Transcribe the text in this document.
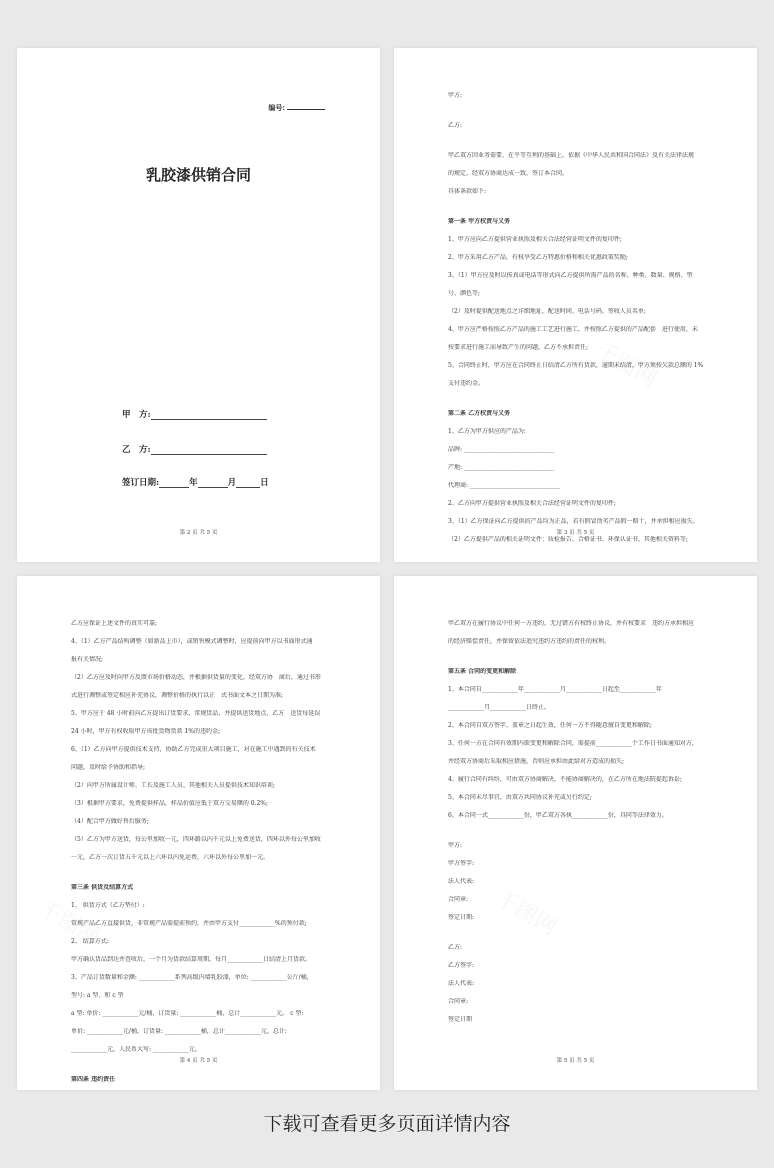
编号:
乳胶漆供销合同
甲　方:
乙　方:
签订日期:	年	月	日
第 2 页 共 5 页
甲方:
乙方:
甲乙双方因业务需要，在平等互利的基础上，依据《中华人民共和国合同法》及有关法律法规
的规定，经双方协商达成一致，签订本合同。
具体条款如下:
第一条 甲方权责与义务
1、甲方应向乙方提供营业执照及相关合法经营证明文件的复印件;
2、甲方采用乙方产品，有权享受乙方特惠价格和相关优惠政策奖励;
3、（1）甲方应及时以传真或电话等形式向乙方提供所需产品的名称、种类、数量、规格、型
号、颜色等;
（2）及时提供配送地点之详细地址、配送时间、电话号码、签收人员名单;
4、甲方应严格按照乙方产品的施工工艺进行施工，并按照乙方提供的产品配套　进行使用，未
按要求进行施工而导致产生的问题，乙方不承担责任;
5、合同终止时，甲方应在合同终止日结清乙方所有货款，逾期未结清，甲方须按欠款总额的 1%
支付违约金。
第二条 乙方权责与义务
1、乙方为甲方供应的产品为:
品牌: ______________________________
产地: ______________________________
代理商: ______________________________
2、乙方向甲方提供营业执照及相关合法经营证明文件的复印件;
3、（1）乙方保证向乙方提供的产品均为正品，若有假冒伪劣产品假一赔十，并承担相应损失。
（2）乙方提供产品的相关证明文件：质检报告、合格证书、环保认证书、其他相关资料等;
第 3 页 共 5 页
乙方应保证上述文件的真实可靠;
4、（1）乙方产品结构调整（如新品上市），或销售模式调整时，应提前向甲方以书面形式通
报有关情况;
（2）乙方应及时向甲方反馈市场价格动态，并根据供货量的变化，经双方协　商后，通过书形
式进行调整或签定相应补充协议，调整价格的执行以正　式书面文本之日期为准;
5、甲方应于 48 小时前向乙方提出订货要求，常规货品，并提供送货地点，乙方　送货每延误
24 小时，甲方有权收取甲方该批货物货款 1%的违约金;
6、（1）乙方向甲方提供技术支持，协助乙方完成重大项目施工，对在施工中遇到的有关技术
问题，及时给予协助和指导;
（2）向甲方所属设计师、工长及施工人员、其他相关人员提供技术知识培训;
（3）根据甲方要求，免费提供样品，样品价值应低于双方交易额的 0.2%;
（4）配合甲方做好售后服务;
（5）乙方为甲方送货，每公里加收一元，四环路以内千元以上免费送货，四环以外每公里加收
一元，乙方一次订货五千元以上六环以内免运费，六环以外每公里加一元。
第三条 供货及结算方式
1、 供货方式（乙方垫付）:
常规产品乙方直接供货，非常规产品需提前预约，并由甲方支付____________%的预付款;
2、 结算方式:
甲方确认货品到达并查收后，一个月为货款结算周期，每月____________日结清上月货款。
3、产品订货数量和金额: ____________系列高级内墙乳胶漆，单位: ____________公斤/桶，
型号: a 型、和 c 型
a 型: 单价: ____________元/桶，订货量: ____________桶，总计____________元。 c 型:
单价: ____________元/桶，订货量: ____________桶，总计____________元，总计:
____________元，人民币大写: ____________元。
第四条 违约责任
第 4 页 共 5 页
甲乙双方在履行协议中任何一方违约，无过错方有权终止协议，并有权要求　违约方承担相应
的经济赔偿责任，并保留依法追究违约方违约的责任的权利。
第五条 合同的变更和解除
1、本合同自____________年____________月____________日起至____________年
____________月____________日终止。
2、本合同自双方签字、盖章之日起生效，任何一方不得随意擅自变更和解除;
3、任何一方在合同有效期内欲变更和解除合同，需提前____________个工作日书面通知对方，
并经双方协商后采取相应措施，否则应承担由此给对方造成的损失;
4、履行合同有纠纷，可由双方协商解决，不能协商解决的，在乙方所在地法院提起诉讼;
5、本合同未尽事宜，由双方共同协议补充或另行约定;
6、本合同一式____________份，甲乙双方各执____________份，具同等法律效力。
甲方:
甲方签字:
法人代表:
合同章:
签定日期:
乙方:
乙方签字:
法人代表:
合同章:
签定日期
第 5 页 共 5 页
下载可查看更多页面详情内容
